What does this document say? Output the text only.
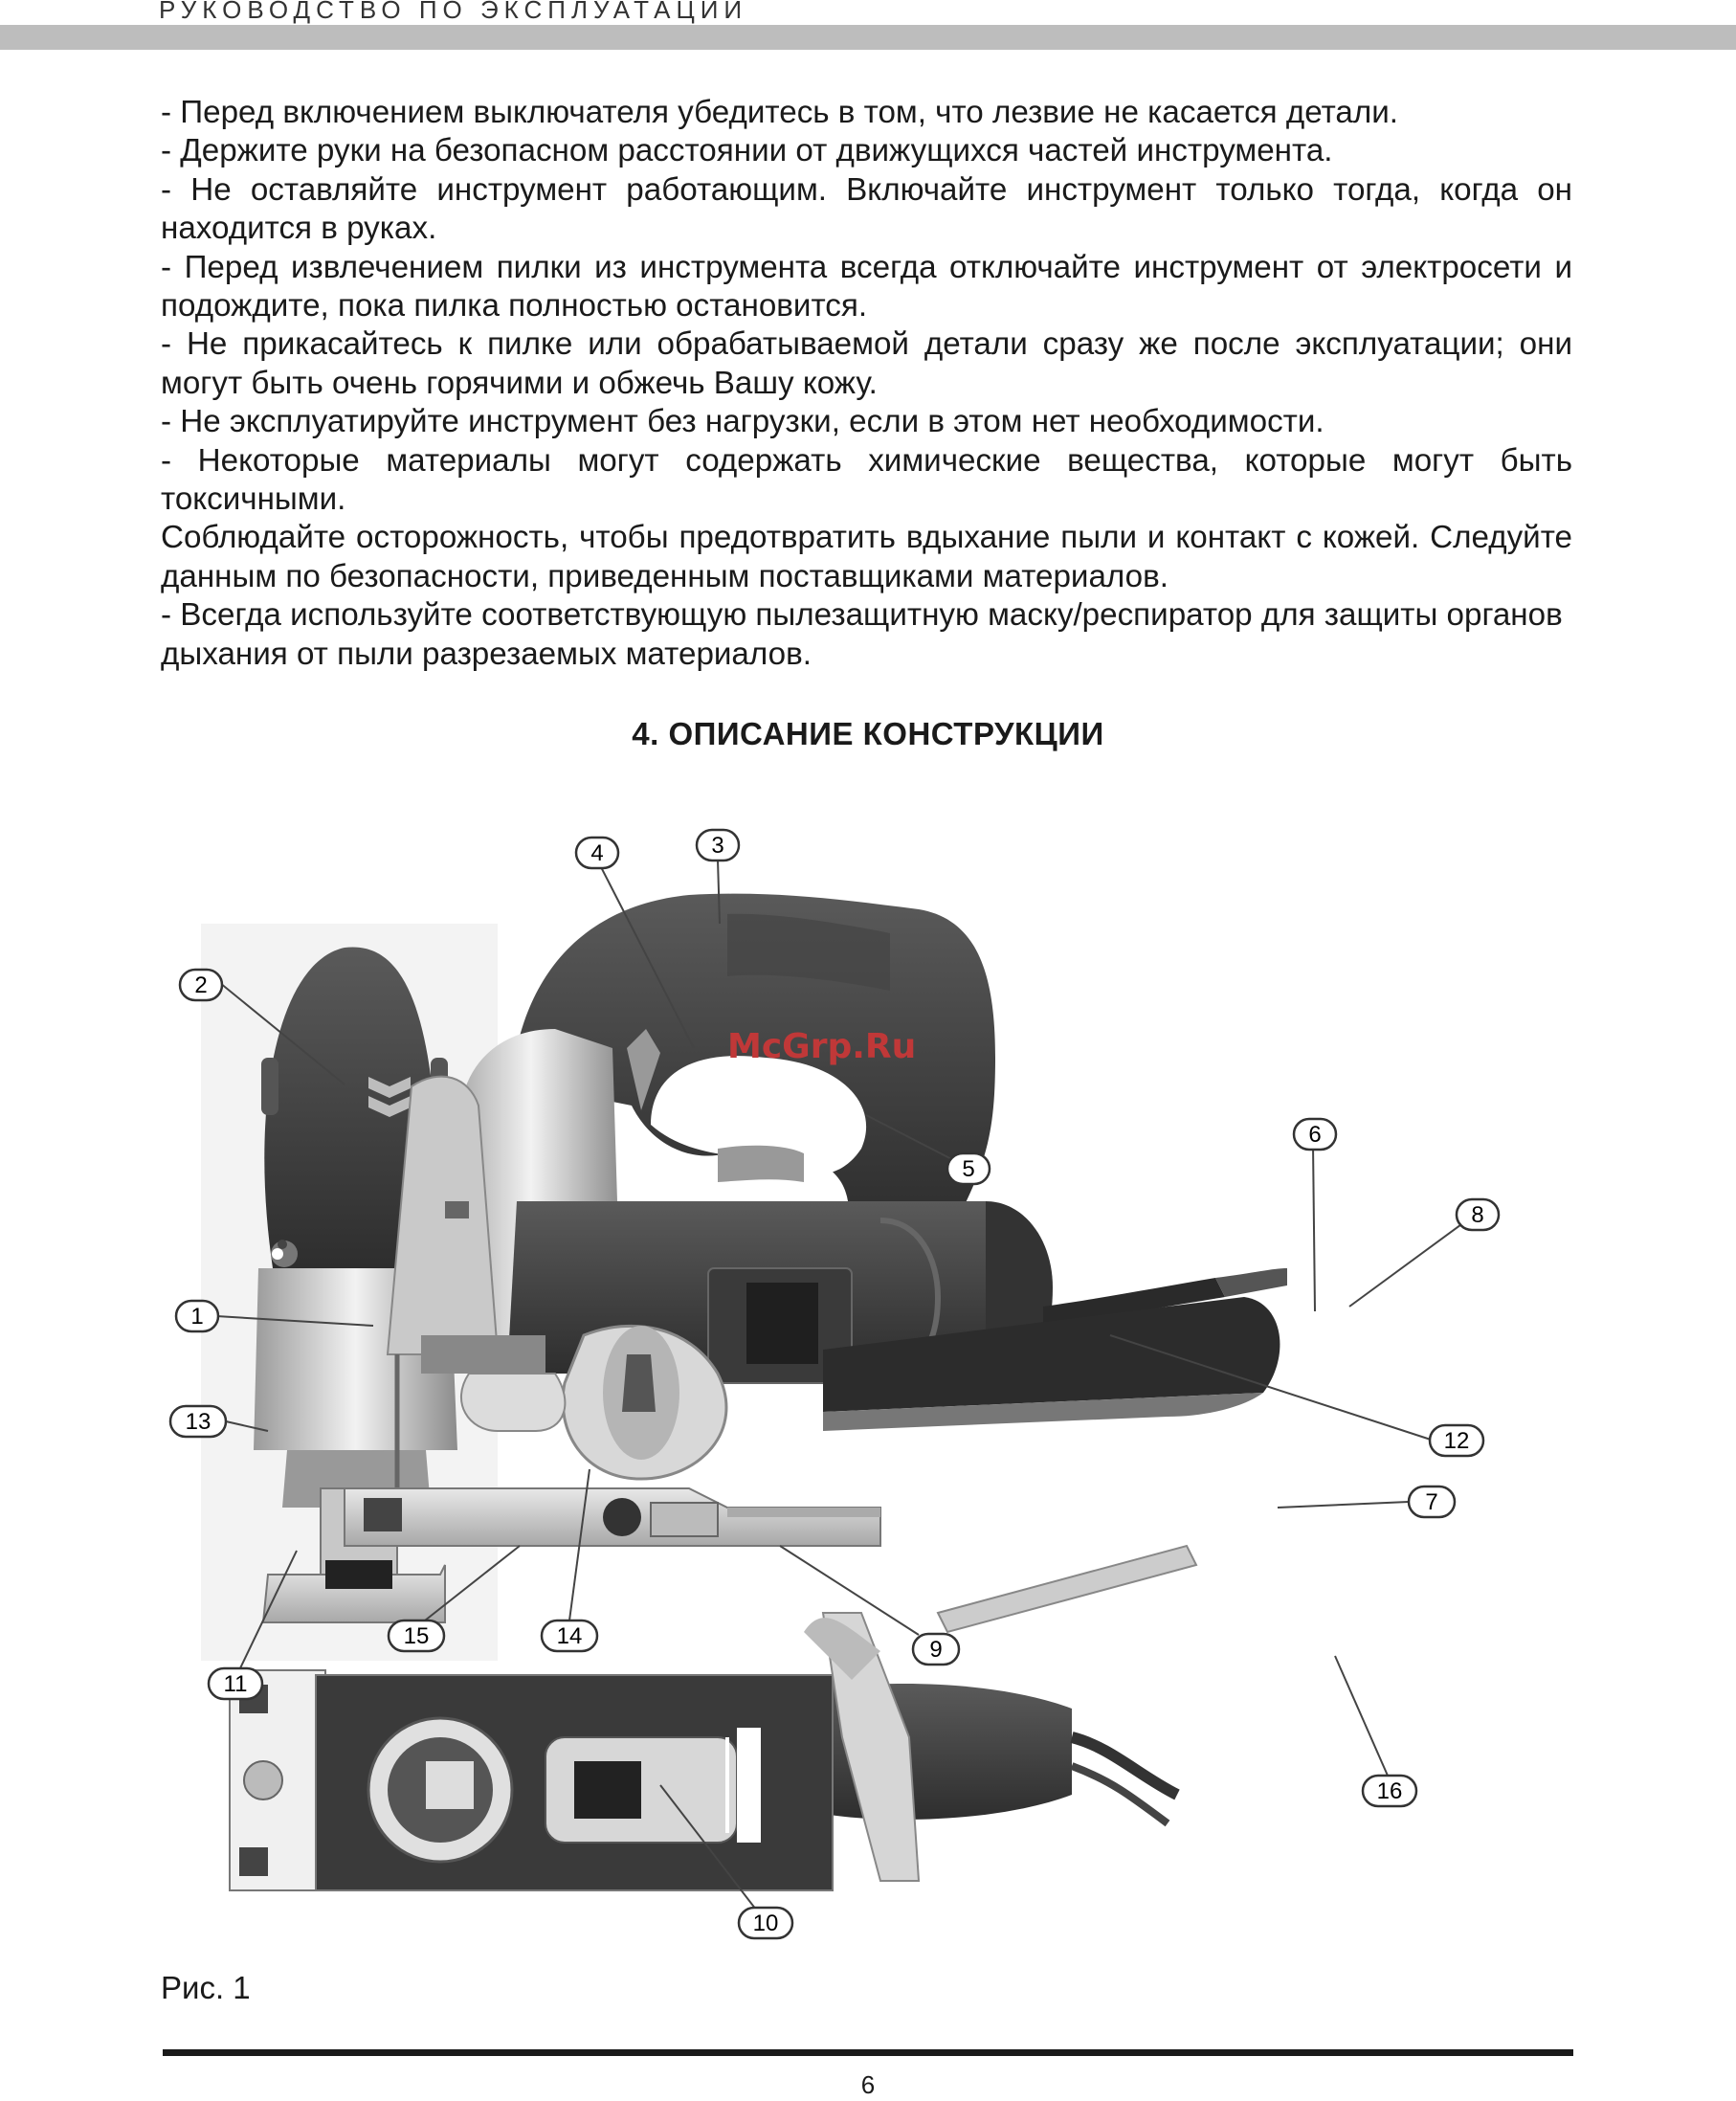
РУКОВОДСТВО ПО ЭКСПЛУАТАЦИИ

- Перед включением выключателя убедитесь в том, что лезвие не касается детали.

- Держите руки на безопасном расстоянии от движущихся частей инструмента.

- Не оставляйте инструмент работающим. Включайте инструмент только тогда, когда он находится в руках.

- Перед извлечением пилки из инструмента всегда отключайте инструмент от электросети и подождите, пока пилка полностью остановится.

- Не прикасайтесь к пилке или обрабатываемой детали сразу же после эксплуатации; они могут быть очень горячими и обжечь Вашу кожу.

- Не эксплуатируйте инструмент без нагрузки, если в этом нет необходимости.

- Некоторые материалы могут содержать химические вещества, которые могут быть токсичными.

Соблюдайте осторожность, чтобы предотвратить вдыхание пыли и контакт с кожей. Следуйте данным по безопасности, приведенным поставщиками материалов.

- Всегда используйте соответствующую пылезащитную маску/респиратор для защиты органов дыхания от пыли разрезаемых материалов.

4. ОПИСАНИЕ КОНСТРУКЦИИ
McGrp.Ru
1
2
3
4
5
6
7
8
9
10
11
12
13
14
15
16
Рис. 1
6
